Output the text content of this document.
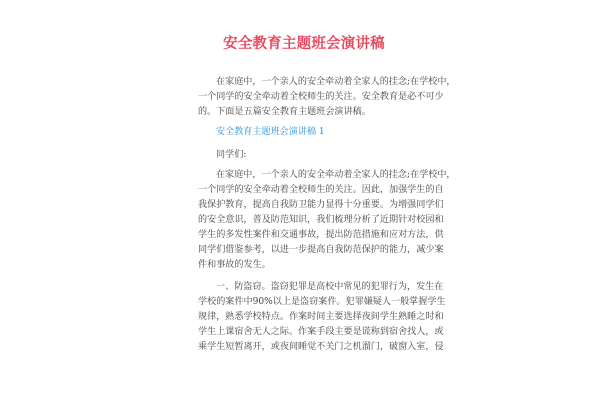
安全教育主题班会演讲稿
在家庭中，一个亲人的安全牵动着全家人的挂念;在学校中，
一个同学的安全牵动着全校师生的关注。安全教育是必不可少
的。下面是五篇安全教育主题班会演讲稿。
安全教育主题班会演讲稿 1
同学们:
在家庭中，一个亲人的安全牵动着全家人的挂念;在学校中，
一个同学的安全牵动着全校师生的关注。因此，加强学生的自
我保护教育，提高自我防卫能力显得十分重要。为增强同学们
的安全意识，普及防范知识，我们梳理分析了近期针对校园和
学生的多发性案件和交通事故，提出防范措施和应对方法，供
同学们借鉴参考，以进一步提高自我防范保护的能力，减少案
件和事故的发生。
一、防盗窃。盗窃犯罪是高校中常见的犯罪行为，发生在
学校的案件中90%以上是盗窃案件。犯罪嫌疑人一般掌握学生
规律，熟悉学校特点。作案时间主要选择夜间学生熟睡之时和
学生上课宿舍无人之际。作案手段主要是谎称到宿舍找人，或
乘学生短暂离开，或夜间睡觉不关门之机溜门，破窗入室，侵
